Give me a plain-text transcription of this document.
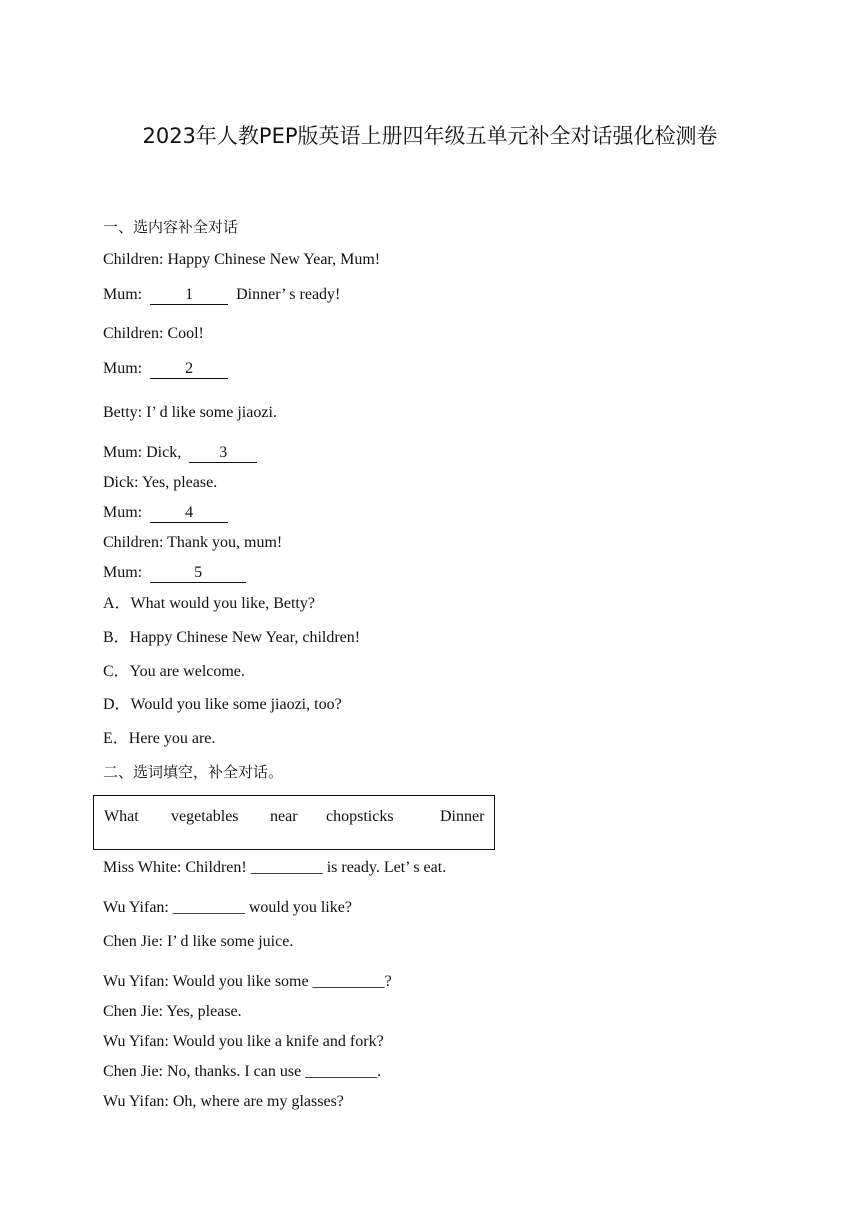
2023年人教PEP版英语上册四年级五单元补全对话强化检测卷
一、选内容补全对话
Children: Happy Chinese New Year, Mum!
Mum:  1  Dinner’ s ready!
Children: Cool!
Mum:  2
Betty: I’ d like some jiaozi.
Mum: Dick,  3
Dick: Yes, please.
Mum:  4
Children: Thank you, mum!
Mum:	5
A．What would you like, Betty?
B．Happy Chinese New Year, children!
C．You are welcome.
D．Would you like some jiaozi, too?
E．Here you are.
二、选词填空，补全对话。
What vegetables near chopsticks	Dinner
Miss White: Children! _________ is ready. Let’ s eat.
Wu Yifan: _________ would you like?
Chen Jie: I’ d like some juice.
Wu Yifan: Would you like some _________?
Chen Jie: Yes, please.
Wu Yifan: Would you like a knife and fork?
Chen Jie: No, thanks. I can use _________.
Wu Yifan: Oh, where are my glasses?
